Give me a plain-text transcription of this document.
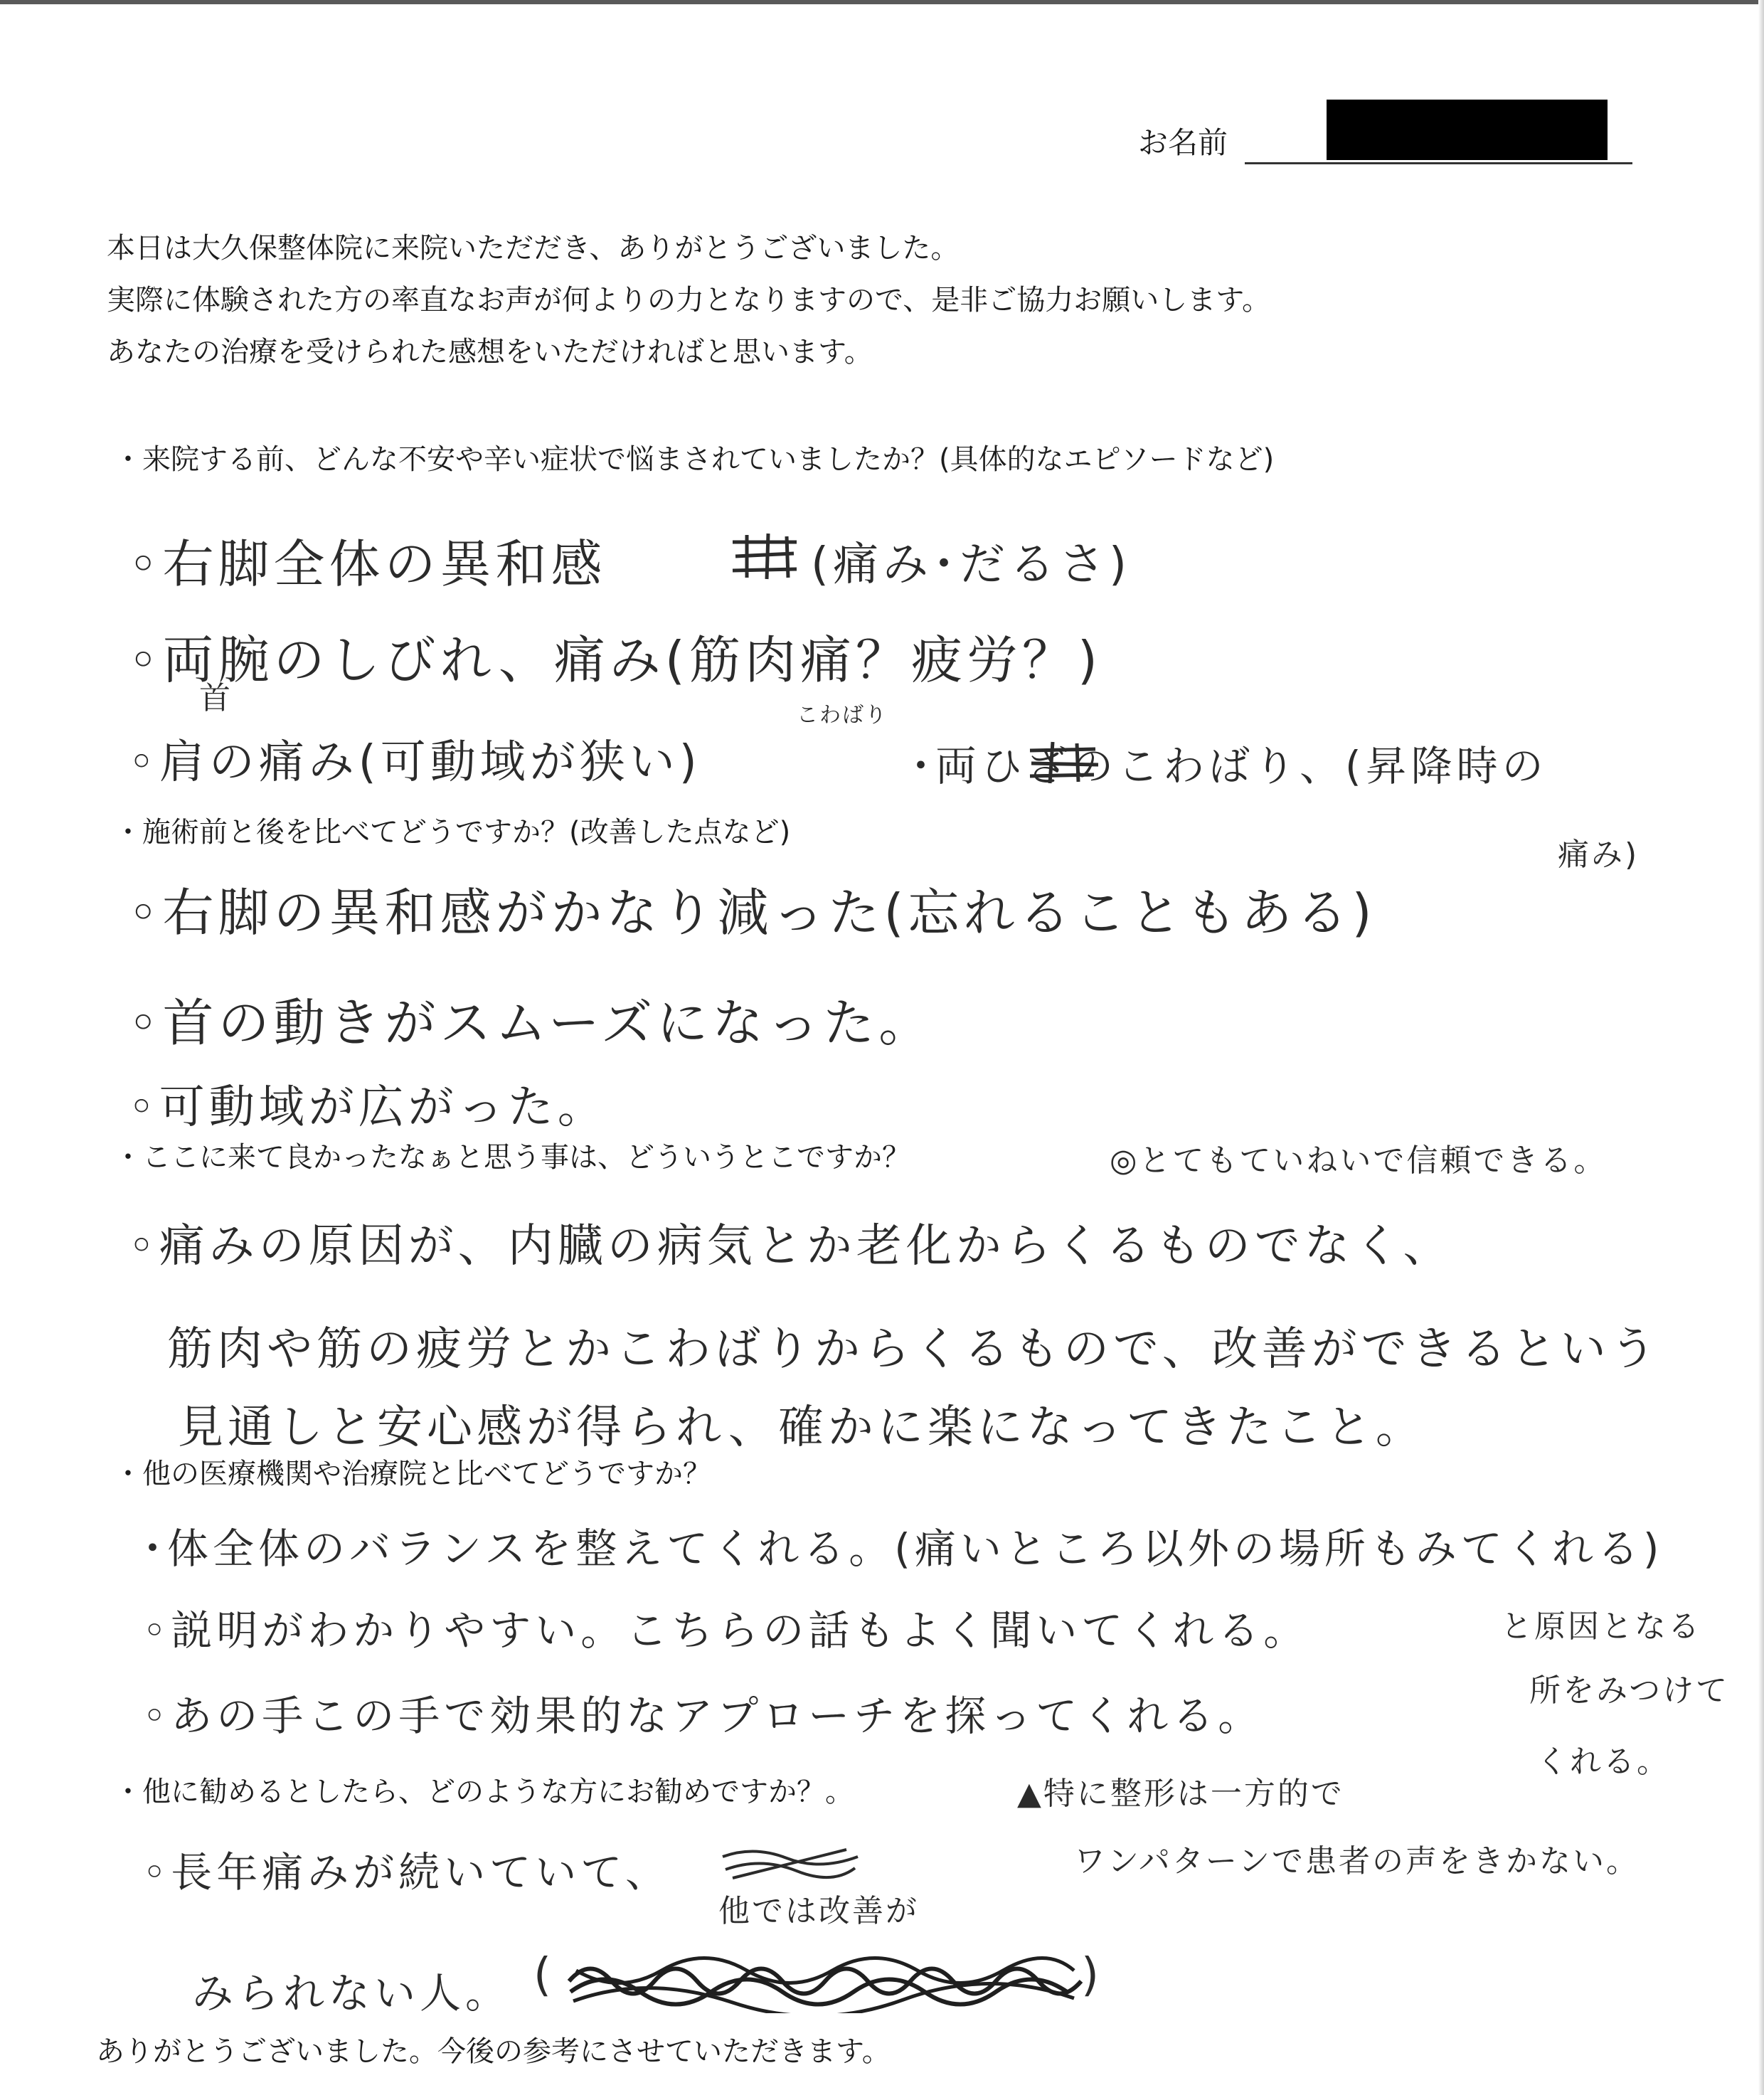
お名前
本日は大久保整体院に来院いただだき、ありがとうございました。
実際に体験された方の率直なお声が何よりの力となりますので、是非ご協力お願いします。
あなたの治療を受けられた感想をいただければと思います。
・来院する前、どんな不安や辛い症状で悩まされていましたか？(具体的なエピソードなど)
◦右脚全体の異和感	(痛み･だるさ)
◦両腕のしびれ、痛み(筋肉痛？疲労？)
首	こわばり
◦肩の痛み(可動域が狭い)	･両ひざのこわばり、(昇降時の
痛み)
・施術前と後を比べてどうですか？(改善した点など)
◦右脚の異和感がかなり減った(忘れることもある)
◦首の動きがスムーズになった。
◦可動域が広がった。
・ここに来て良かったなぁと思う事は、どういうとこですか？	◎とてもていねいで信頼できる。
◦痛みの原因が、内臓の病気とか老化からくるものでなく、
筋肉や筋の疲労とかこわばりからくるもので、改善ができるという
見通しと安心感が得られ、確かに楽になってきたこと。
・他の医療機関や治療院と比べてどうですか？
･体全体のバランスを整えてくれる。(痛いところ以外の場所もみてくれる)
◦説明がわかりやすい。こちらの話もよく聞いてくれる。
◦あの手この手で効果的なアプローチを探ってくれる。
と原因となる
所をみつけて
くれる。
・他に勧めるとしたら、どのような方にお勧めですか？。	▲特に整形は一方的で
ワンパターンで患者の声をきかない。
◦長年痛みが続いていて、
他では改善が
みられない人。 (	)
ありがとうございました。今後の参考にさせていただきます。
